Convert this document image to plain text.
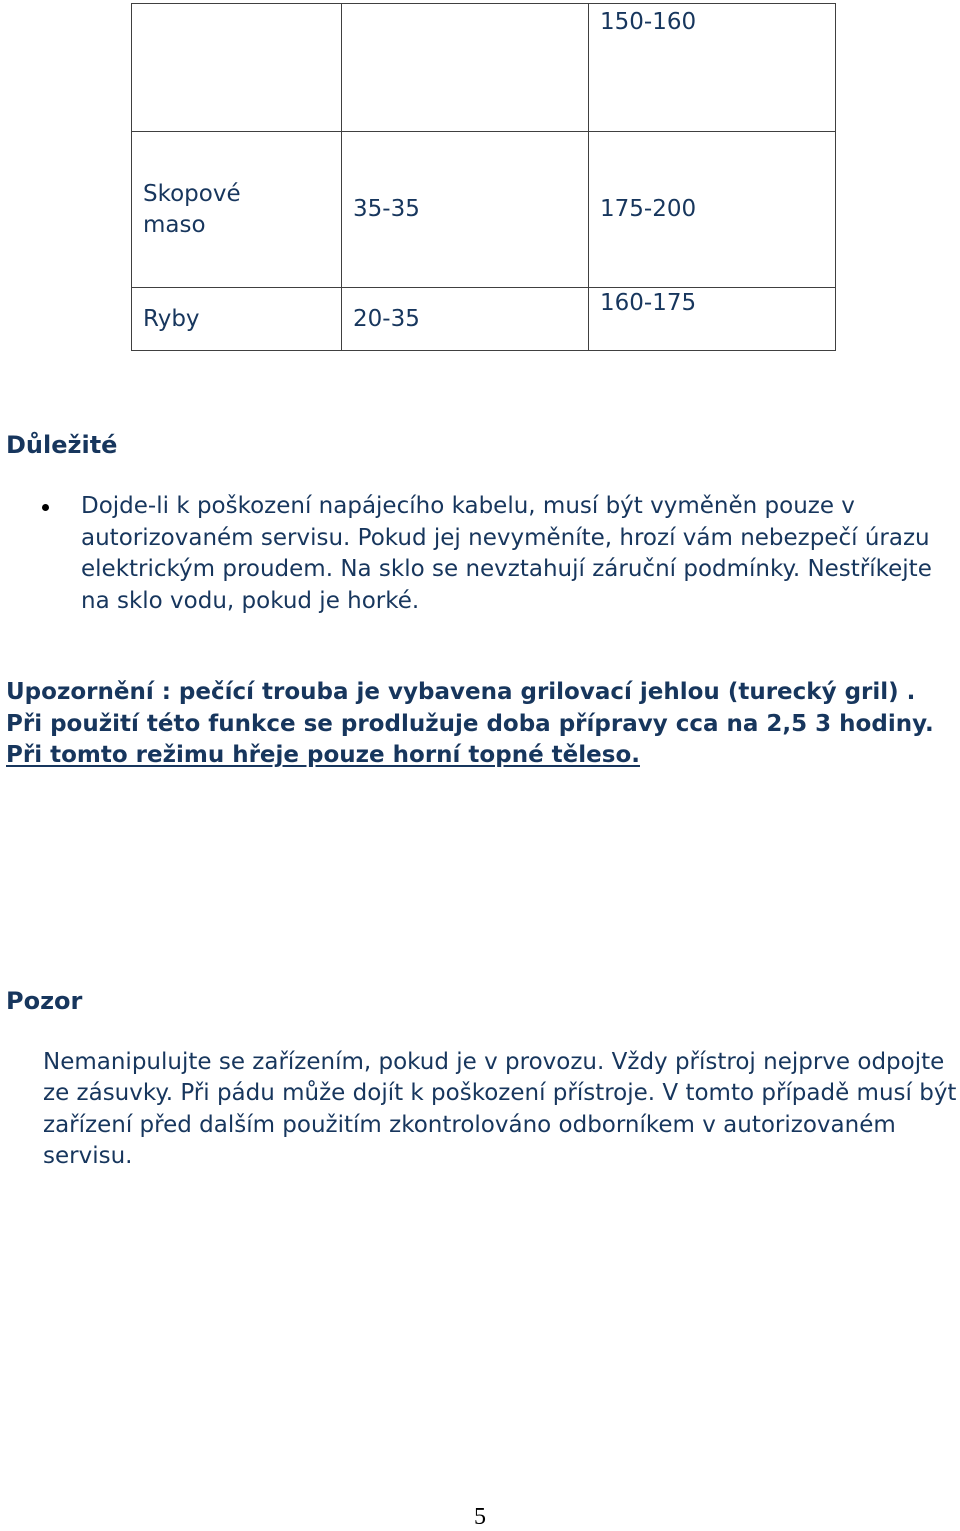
		150-160
Skopové maso	35-35	175-200
Ryby	20-35	160-175
Důležité
Dojde-li k poškození napájecího kabelu, musí být vyměněn pouze v autorizovaném servisu. Pokud jej nevyměníte, hrozí vám nebezpečí úrazu elektrickým proudem. Na sklo se nevztahují záruční podmínky. Nestříkejte na sklo vodu, pokud je horké.

Upozornění : pečící trouba je vybavena grilovací jehlou (turecký gril) . Při použití této funkce se prodlužuje doba přípravy cca na 2,5 3 hodiny.  Při tomto režimu hřeje pouze horní topné těleso.

Pozor

Nemanipulujte se zařízením, pokud je v provozu. Vždy přístroj nejprve odpojte ze zásuvky. Při pádu může dojít k poškození přístroje. V tomto případě musí být zařízení před dalším použitím zkontrolováno odborníkem v autorizovaném servisu.

5
